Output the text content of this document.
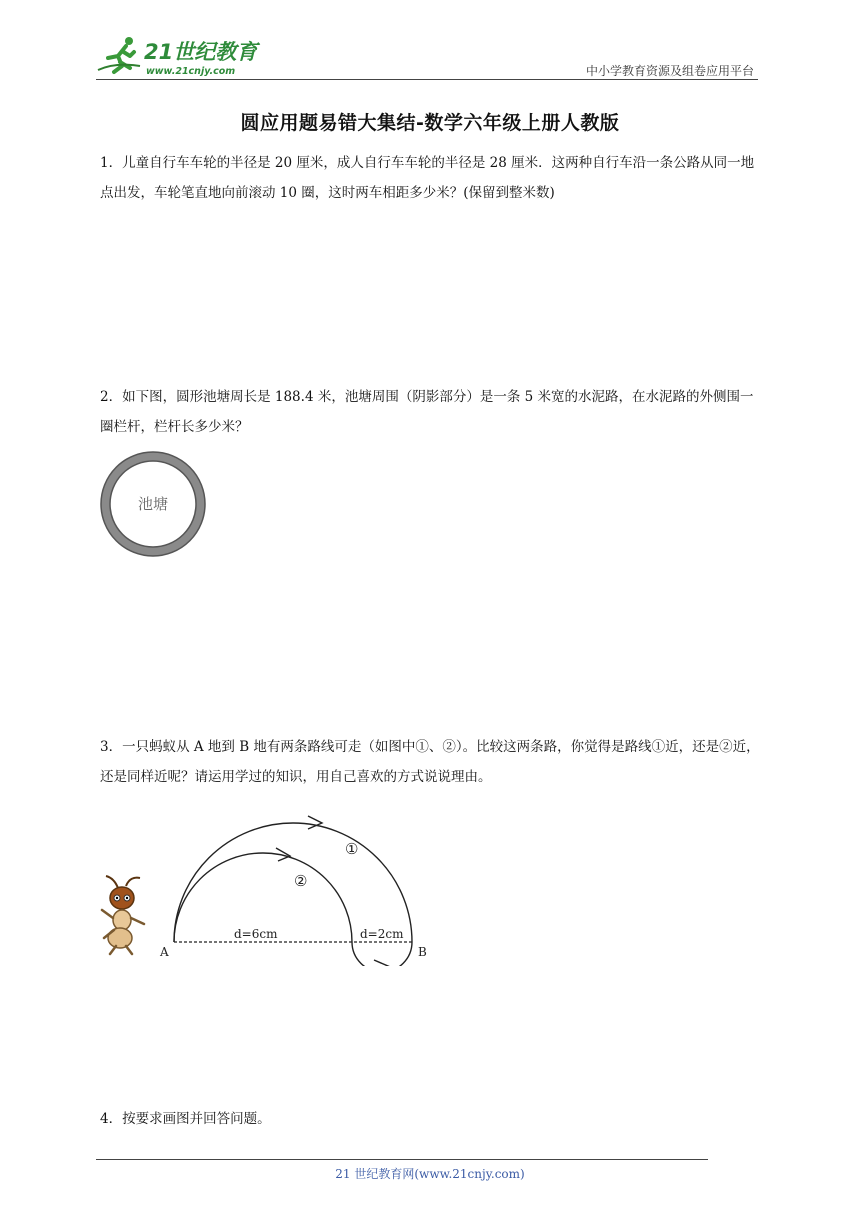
21世纪教育
www.21cnjy.com	中小学教育资源及组卷应用平台
圆应用题易错大集结-数学六年级上册人教版
1．儿童自行车车轮的半径是 20 厘米，成人自行车车轮的半径是 28 厘米．这两种自行车沿一条公路从同一地点出发，车轮笔直地向前滚动 10 圈，这时两车相距多少米？(保留到整米数)
2．如下图，圆形池塘周长是 188.4 米，池塘周围（阴影部分）是一条 5 米宽的水泥路，在水泥路的外侧围一圈栏杆，栏杆长多少米？
池塘
3．一只蚂蚁从 A 地到 B 地有两条路线可走（如图中①、②）。比较这两条路，你觉得是路线①近，还是②近，还是同样近呢？请运用学过的知识，用自己喜欢的方式说说理由。
①
②
d=6cm	d=2cm
A	B
4．按要求画图并回答问题。
21 世纪教育网(www.21cnjy.com)
